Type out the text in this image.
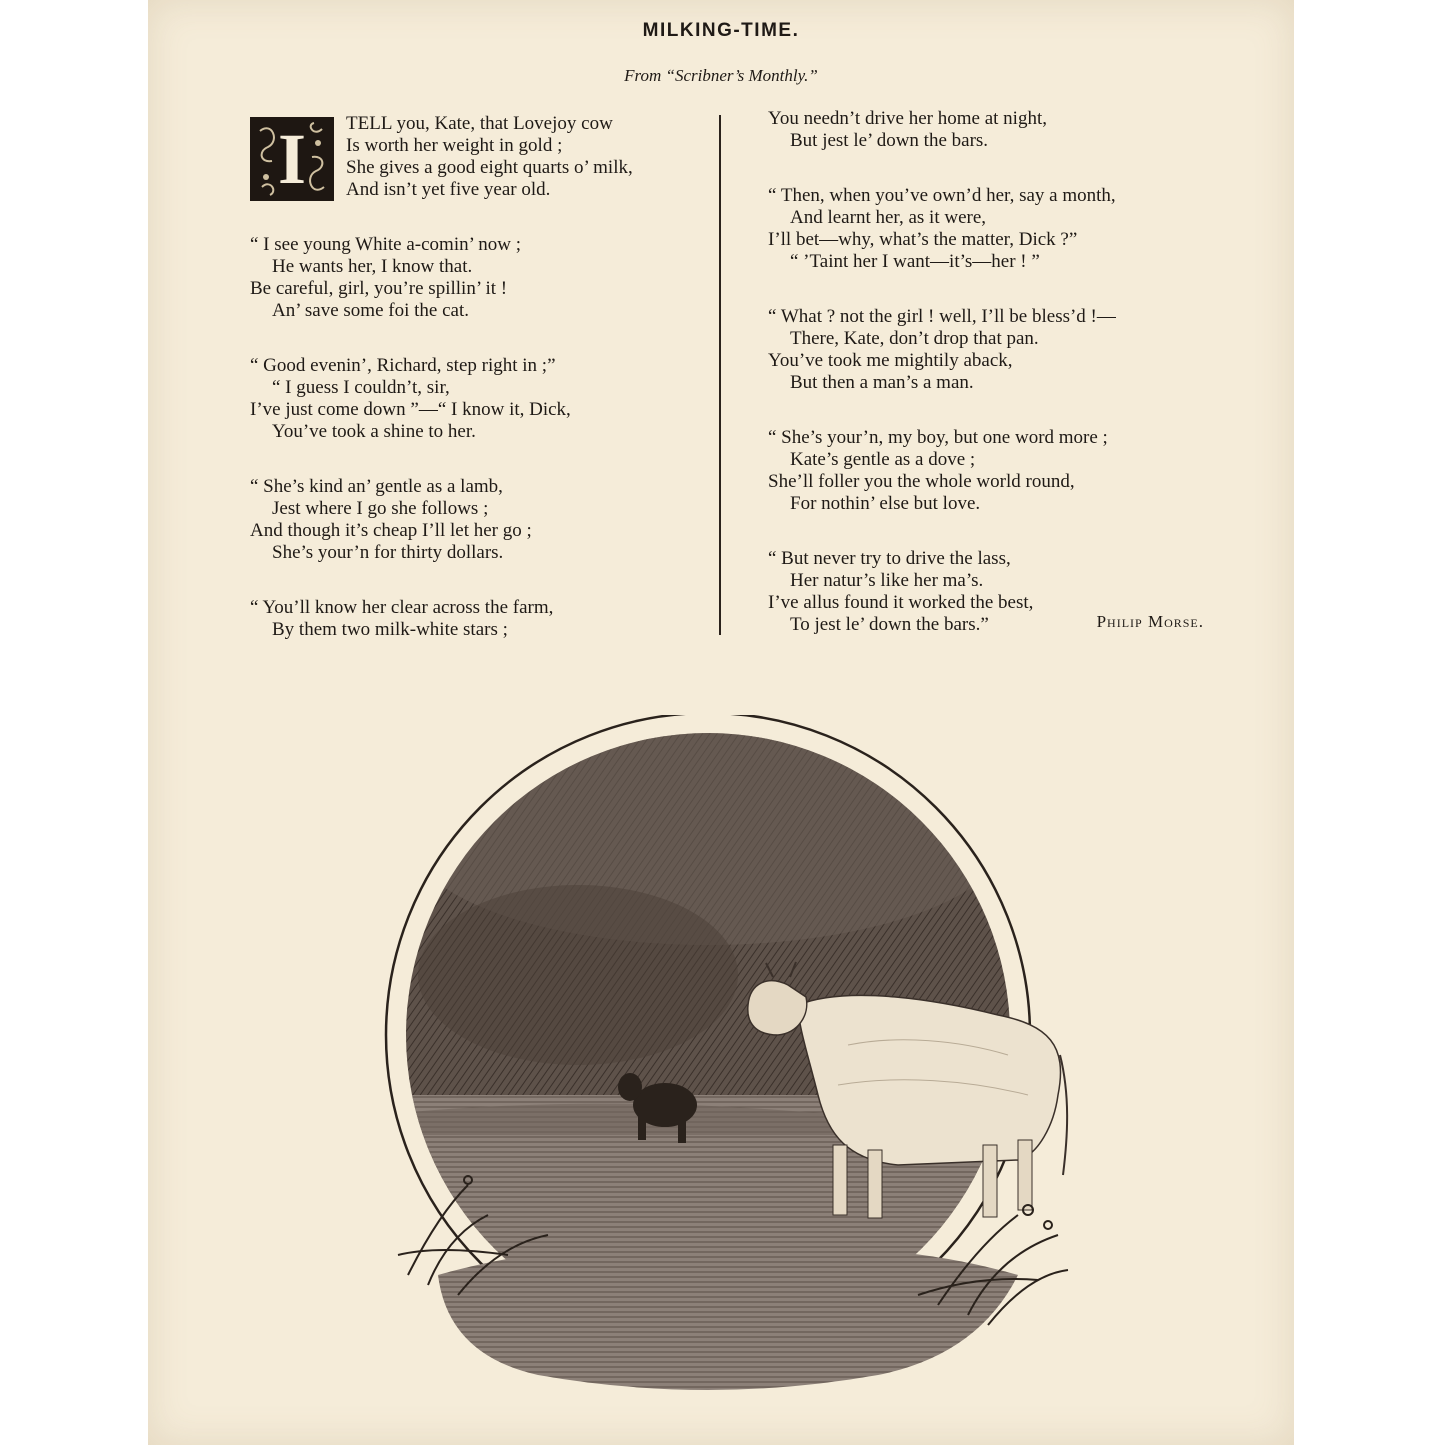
MILKING-TIME.
From “Scribner’s Monthly.”
I	TELL you, Kate, that Lovejoy cow
Is worth her weight in gold ;
She gives a good eight quarts o’ milk,
And isn’t yet five year old.
“ I see young White a-comin’ now ;
He wants her, I know that.
Be careful, girl, you’re spillin’ it !
An’ save some foi the cat.
“ Good evenin’, Richard, step right in ;”
“ I guess I couldn’t, sir,
I’ve just come down ”—“ I know it, Dick,
You’ve took a shine to her.
“ She’s kind an’ gentle as a lamb,
Jest where I go she follows ;
And though it’s cheap I’ll let her go ;
She’s your’n for thirty dollars.
“ You’ll know her clear across the farm,
By them two milk-white stars ;
You needn’t drive her home at night,
But jest le’ down the bars.
“ Then, when you’ve own’d her, say a month,
And learnt her, as it were,
I’ll bet—why, what’s the matter, Dick ?”
“ ’Taint her I want—it’s—her ! ”
“ What ? not the girl ! well, I’ll be bless’d !—
There, Kate, don’t drop that pan.
You’ve took me mightily aback,
But then a man’s a man.
“ She’s your’n, my boy, but one word more ;
Kate’s gentle as a dove ;
She’ll foller you the whole world round,
For nothin’ else but love.
“ But never try to drive the lass,
Her natur’s like her ma’s.
I’ve allus found it worked the best,
To jest le’ down the bars.”	Philip Morse.
